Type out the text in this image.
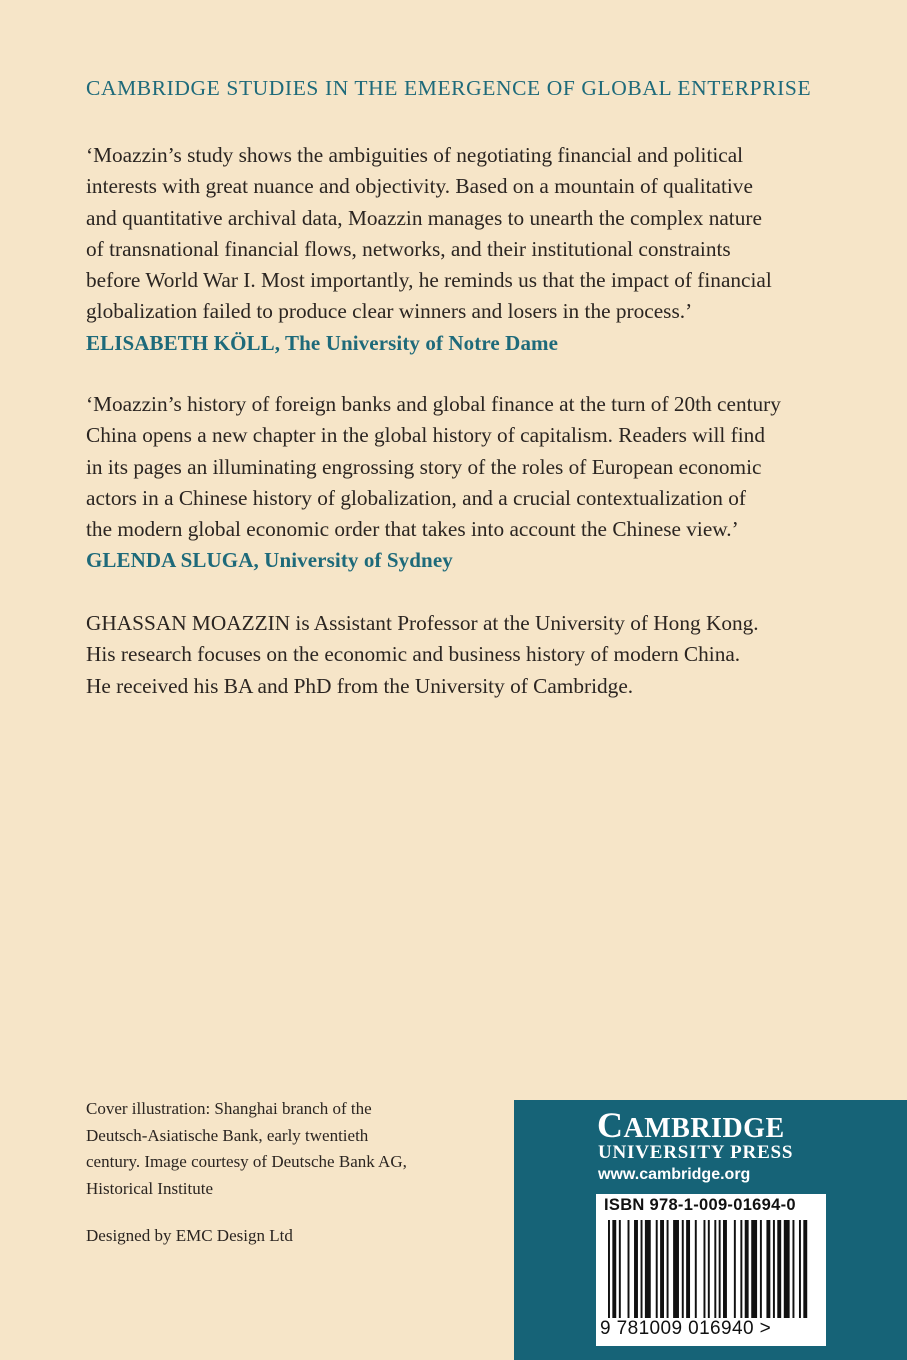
CAMBRIDGE STUDIES IN THE EMERGENCE OF GLOBAL ENTERPRISE
‘Moazzin’s study shows the ambiguities of negotiating financial and political
interests with great nuance and objectivity. Based on a mountain of qualitative
and quantitative archival data, Moazzin manages to unearth the complex nature
of transnational financial flows, networks, and their institutional constraints
before World War I. Most importantly, he reminds us that the impact of financial
globalization failed to produce clear winners and losers in the process.’
ELISABETH KÖLL, The University of Notre Dame
‘Moazzin’s history of foreign banks and global finance at the turn of 20th century
China opens a new chapter in the global history of capitalism. Readers will find
in its pages an illuminating engrossing story of the roles of European economic
actors in a Chinese history of globalization, and a crucial contextualization of
the modern global economic order that takes into account the Chinese view.’
GLENDA SLUGA, University of Sydney
GHASSAN MOAZZIN is Assistant Professor at the University of Hong Kong.
His research focuses on the economic and business history of modern China.
He received his BA and PhD from the University of Cambridge.
Cover illustration: Shanghai branch of the
Deutsch-Asiatische Bank, early twentieth
century. Image courtesy of Deutsche Bank AG,
Historical Institute
Designed by EMC Design Ltd
CAMBRIDGE
UNIVERSITY PRESS
www.cambridge.org
ISBN 978-1-009-01694-0
9 781009 016940 >
